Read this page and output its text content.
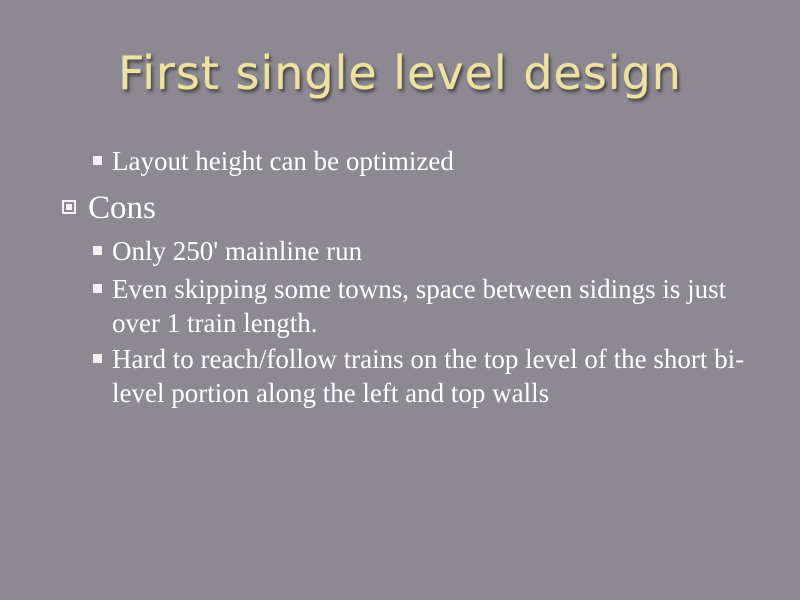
First single level design
Layout height can be optimized
Cons
Only 250' mainline run
Even skipping some towns, space between sidings is just over 1 train length.
Hard to reach/follow trains on the top level of the short bi-level portion along the left and top walls
